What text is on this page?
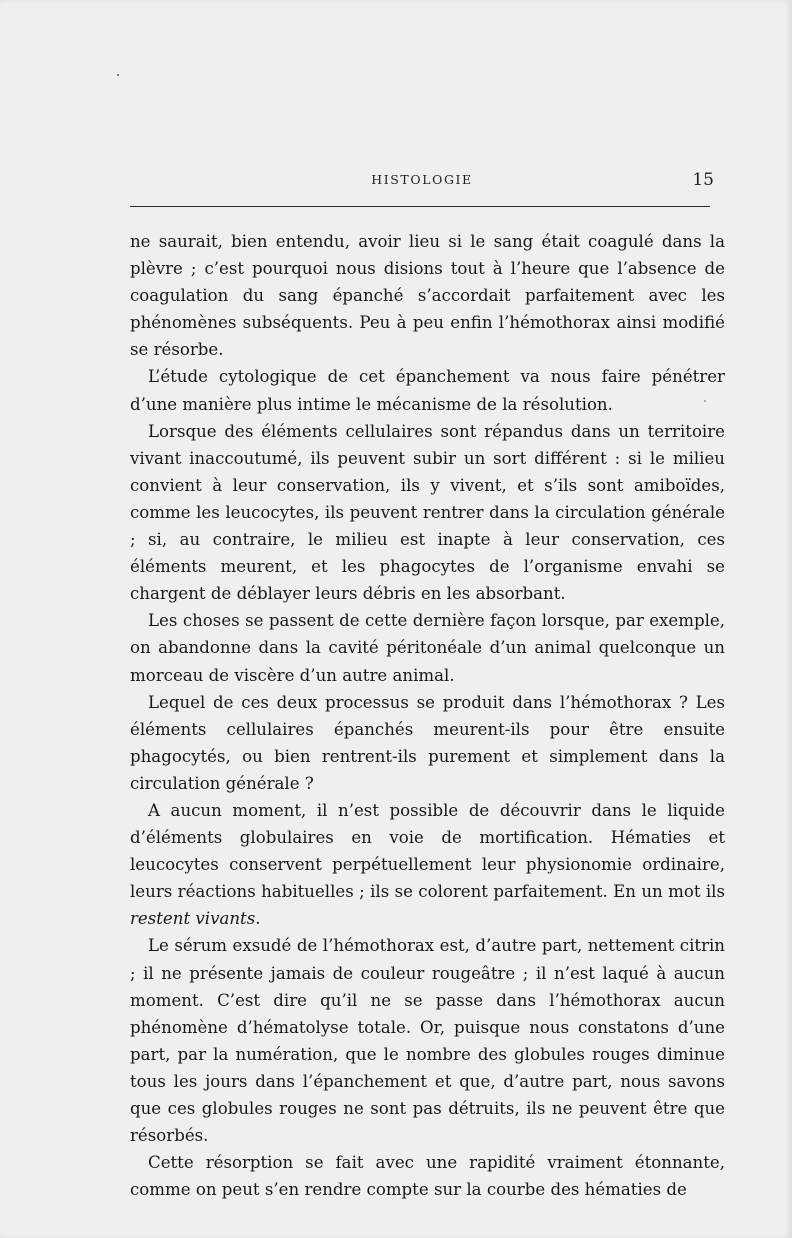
HISTOLOGIE	15

ne saurait, bien entendu, avoir lieu si le sang était coagulé dans la plèvre ; c’est pourquoi nous disions tout à l’heure que l’absence de coagulation du sang épanché s’accordait parfaitement avec les phénomènes subséquents. Peu à peu enfin l’hémothorax ainsi modifié se résorbe.

L’étude cytologique de cet épanchement va nous faire pénétrer d’une manière plus intime le mécanisme de la résolution.

Lorsque des éléments cellulaires sont répandus dans un territoire vivant inaccoutumé, ils peuvent subir un sort différent : si le milieu convient à leur conservation, ils y vivent, et s’ils sont amiboïdes, comme les leucocytes, ils peuvent rentrer dans la circulation générale ; si, au contraire, le milieu est inapte à leur conservation, ces éléments meurent, et les phagocytes de l’organisme envahi se chargent de déblayer leurs débris en les absorbant.

Les choses se passent de cette dernière façon lorsque, par exemple, on abandonne dans la cavité péritonéale d’un animal quelconque un morceau de viscère d’un autre animal.

Lequel de ces deux processus se produit dans l’hémothorax ? Les éléments cellulaires épanchés meurent-ils pour être ensuite phagocytés, ou bien rentrent-ils purement et simplement dans la circulation générale ?

A aucun moment, il n’est possible de découvrir dans le liquide d’éléments globulaires en voie de mortification. Hématies et leucocytes conservent perpétuellement leur physionomie ordinaire, leurs réactions habituelles ; ils se colorent parfaitement. En un mot ils restent vivants.

Le sérum exsudé de l’hémothorax est, d’autre part, nettement citrin ; il ne présente jamais de couleur rougeâtre ; il n’est laqué à aucun moment. C’est dire qu’il ne se passe dans l’hémothorax aucun phénomène d’hématolyse totale. Or, puisque nous constatons d’une part, par la numération, que le nombre des globules rouges diminue tous les jours dans l’épanchement et que, d’autre part, nous savons que ces globules rouges ne sont pas détruits, ils ne peuvent être que résorbés.

Cette résorption se fait avec une rapidité vraiment étonnante, comme on peut s’en rendre compte sur la courbe des hématies de
